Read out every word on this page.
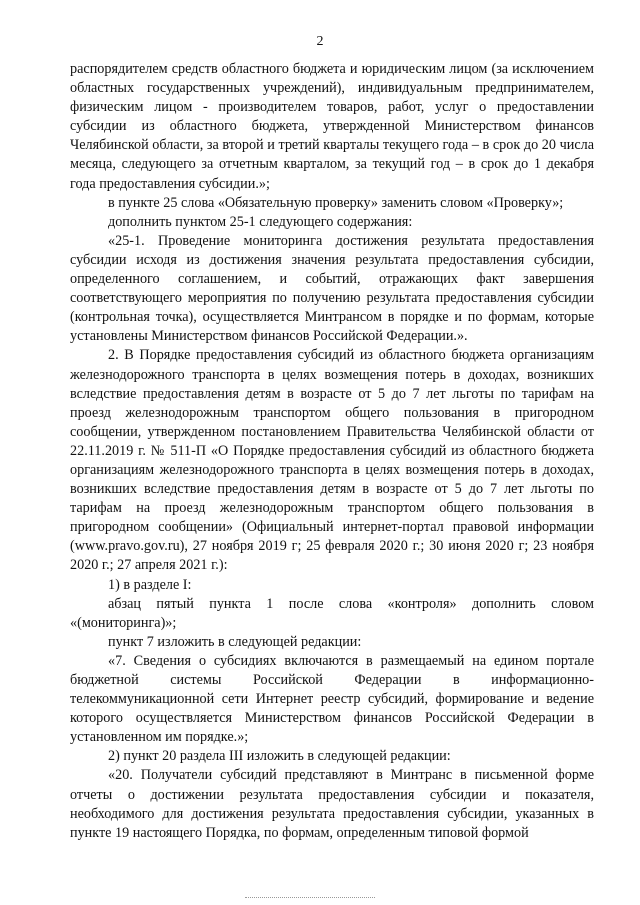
2

распорядителем средств областного бюджета и юридическим лицом (за исключением областных государственных учреждений), индивидуальным предпринимателем, физическим лицом - производителем товаров, работ, услуг о предоставлении субсидии из областного бюджета, утвержденной Министерством финансов Челябинской области, за второй и третий кварталы текущего года – в срок до 20 числа месяца, следующего за отчетным кварталом, за текущий год – в срок до 1 декабря года предоставления субсидии.»;

в пункте 25 слова «Обязательную проверку» заменить словом «Проверку»;

дополнить пунктом 25-1 следующего содержания:

«25-1. Проведение мониторинга достижения результата предоставления субсидии исходя из достижения значения результата предоставления субсидии, определенного соглашением, и событий, отражающих факт завершения соответствующего мероприятия по получению результата предоставления субсидии (контрольная точка), осуществляется Минтрансом в порядке и по формам, которые установлены Министерством финансов Российской Федерации.».

2. В Порядке предоставления субсидий из областного бюджета организациям железнодорожного транспорта в целях возмещения потерь в доходах, возникших вследствие предоставления детям в возрасте от 5 до 7 лет льготы по тарифам на проезд железнодорожным транспортом общего пользования в пригородном сообщении, утвержденном постановлением Правительства Челябинской области от 22.11.2019 г. № 511-П «О Порядке предоставления субсидий из областного бюджета организациям железнодорожного транспорта в целях возмещения потерь в доходах, возникших вследствие предоставления детям в возрасте от 5 до 7 лет льготы по тарифам на проезд железнодорожным транспортом общего пользования в пригородном сообщении» (Официальный интернет-портал правовой информации (www.pravo.gov.ru), 27 ноября 2019 г; 25 февраля 2020 г.; 30 июня 2020 г; 23 ноября 2020 г.; 27 апреля 2021 г.):

1) в разделе I:

абзац пятый пункта 1 после слова «контроля» дополнить словом «(мониторинга)»;

пункт 7 изложить в следующей редакции:

«7. Сведения о субсидиях включаются в размещаемый на едином портале бюджетной системы Российской Федерации в информационно-телекоммуникационной сети Интернет реестр субсидий, формирование и ведение которого осуществляется Министерством финансов Российской Федерации в установленном им порядке.»;

2) пункт 20 раздела III изложить в следующей редакции:

«20. Получатели субсидий представляют в Минтранс в письменной форме отчеты о достижении результата предоставления субсидии и показателя, необходимого для достижения результата предоставления субсидии, указанных в пункте 19 настоящего Порядка, по формам, определенным типовой формой
